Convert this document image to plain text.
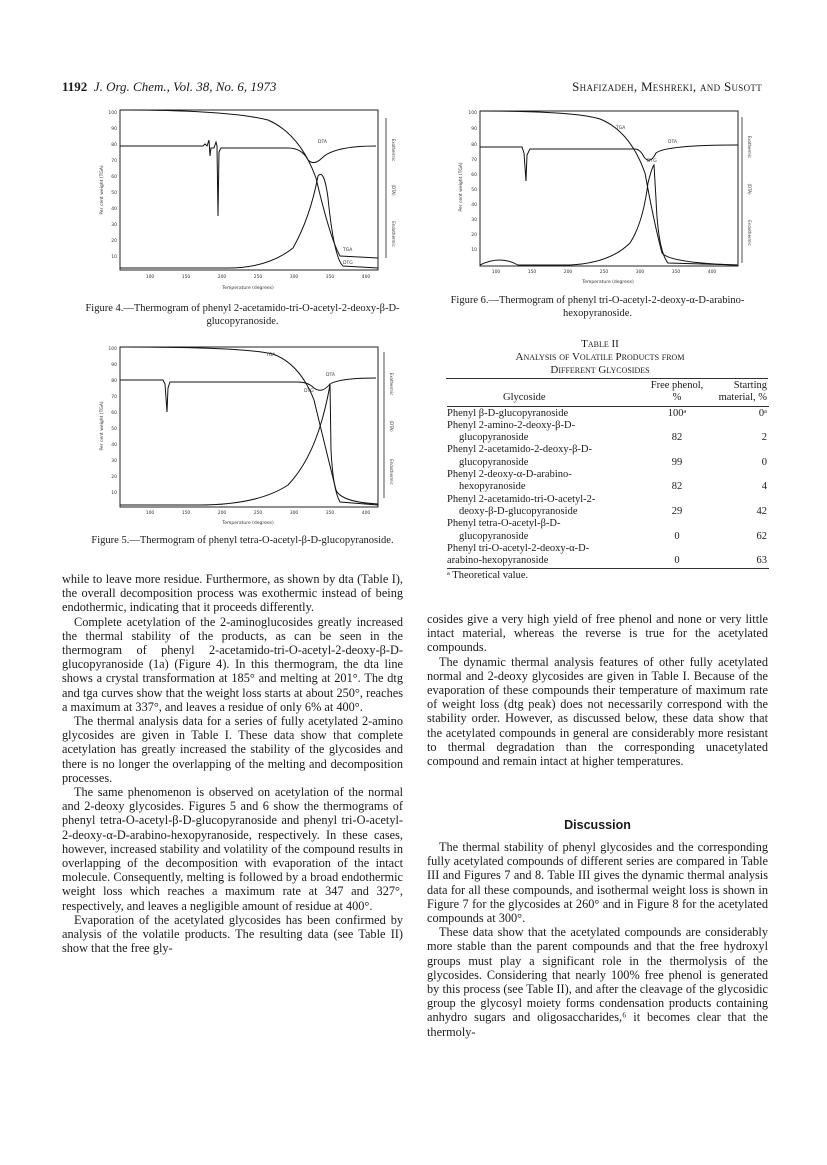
1192 J. Org. Chem., Vol. 38, No. 6, 1973	Shafizadeh, Meshreki, and Susott
100
90
80
70
60
50
40
30
20
10
Per cent weight (TGA)
100	150	200	250	300	350	400
Temperature (degrees)
Exothermic
(DTA)
Endothermic
DTA
TGA
DTG
Figure 4.—Thermogram of phenyl 2-acetamido-tri-O-acetyl-2-deoxy-β-D-glucopyranoside.
100
90
80
70
60
50
40
30
20
10
Per cent weight (TGA)
100	150	200	250	300	350	400
Temperature (degrees)
Exothermic
(DTA)
Endothermic
TGA
DTA
DTG
Figure 5.—Thermogram of phenyl tetra-O-acetyl-β-D-glucopyranoside.
100
90
80
70
60
50
40
30
20
10
Per cent weight (TGA)
100	150	200	250	300	350	400
Temperature (degrees)
Exothermic
(DTA)
Endothermic
TGA
DTA
DTG
Figure 6.—Thermogram of phenyl tri-O-acetyl-2-deoxy-α-D-arabino-hexopyranoside.
Table II
Analysis of Volatile Products from
Different Glycosides
Free phenol,	Starting
Glycoside	%	material, %
Phenyl β-D-glucopyranoside	100ᵃ	0ᵃ
Phenyl 2-amino-2-deoxy-β-D-
glucopyranoside	82	2
Phenyl 2-acetamido-2-deoxy-β-D-
glucopyranoside	99	0
Phenyl 2-deoxy-α-D-arabino-
hexopyranoside	82	4
Phenyl 2-acetamido-tri-O-acetyl-2-
deoxy-β-D-glucopyranoside	29	42
Phenyl tetra-O-acetyl-β-D-
glucopyranoside	0	62
Phenyl tri-O-acetyl-2-deoxy-α-D-
arabino-hexopyranoside	0	63
ᵃ Theoretical value.

while to leave more residue. Furthermore, as shown by dta (Table I), the overall decomposition process was exothermic instead of being endothermic, indicating that it proceeds differently.

Complete acetylation of the 2-aminoglucosides greatly increased the thermal stability of the products, as can be seen in the thermogram of phenyl 2-acetamido-tri-O-acetyl-2-deoxy-β-D-glucopyranoside (1a) (Figure 4). In this thermogram, the dta line shows a crystal transformation at 185° and melting at 201°. The dtg and tga curves show that the weight loss starts at about 250°, reaches a maximum at 337°, and leaves a residue of only 6% at 400°.

The thermal analysis data for a series of fully acetylated 2-amino glycosides are given in Table I. These data show that complete acetylation has greatly increased the stability of the glycosides and there is no longer the overlapping of the melting and decomposition processes.

The same phenomenon is observed on acetylation of the normal and 2-deoxy glycosides. Figures 5 and 6 show the thermograms of phenyl tetra-O-acetyl-β-D-glucopyranoside and phenyl tri-O-acetyl-2-deoxy-α-D-arabino-hexopyranoside, respectively. In these cases, however, increased stability and volatility of the compound results in overlapping of the decomposition with evaporation of the intact molecule. Consequently, melting is followed by a broad endothermic weight loss which reaches a maximum rate at 347 and 327°, respectively, and leaves a negligible amount of residue at 400°.

Evaporation of the acetylated glycosides has been confirmed by analysis of the volatile products. The resulting data (see Table II) show that the free gly-

cosides give a very high yield of free phenol and none or very little intact material, whereas the reverse is true for the acetylated compounds.

The dynamic thermal analysis features of other fully acetylated normal and 2-deoxy glycosides are given in Table I. Because of the evaporation of these compounds their temperature of maximum rate of weight loss (dtg peak) does not necessarily correspond with the stability order. However, as discussed below, these data show that the acetylated compounds in general are considerably more resistant to thermal degradation than the corresponding unacetylated compound and remain intact at higher temperatures.

Discussion

The thermal stability of phenyl glycosides and the corresponding fully acetylated compounds of different series are compared in Table III and Figures 7 and 8. Table III gives the dynamic thermal analysis data for all these compounds, and isothermal weight loss is shown in Figure 7 for the glycosides at 260° and in Figure 8 for the acetylated compounds at 300°.

These data show that the acetylated compounds are considerably more stable than the parent compounds and that the free hydroxyl groups must play a significant role in the thermolysis of the glycosides. Considering that nearly 100% free phenol is generated by this process (see Table II), and after the cleavage of the glycosidic group the glycosyl moiety forms condensation products containing anhydro sugars and oligosaccharides,⁶ it becomes clear that the thermoly-
